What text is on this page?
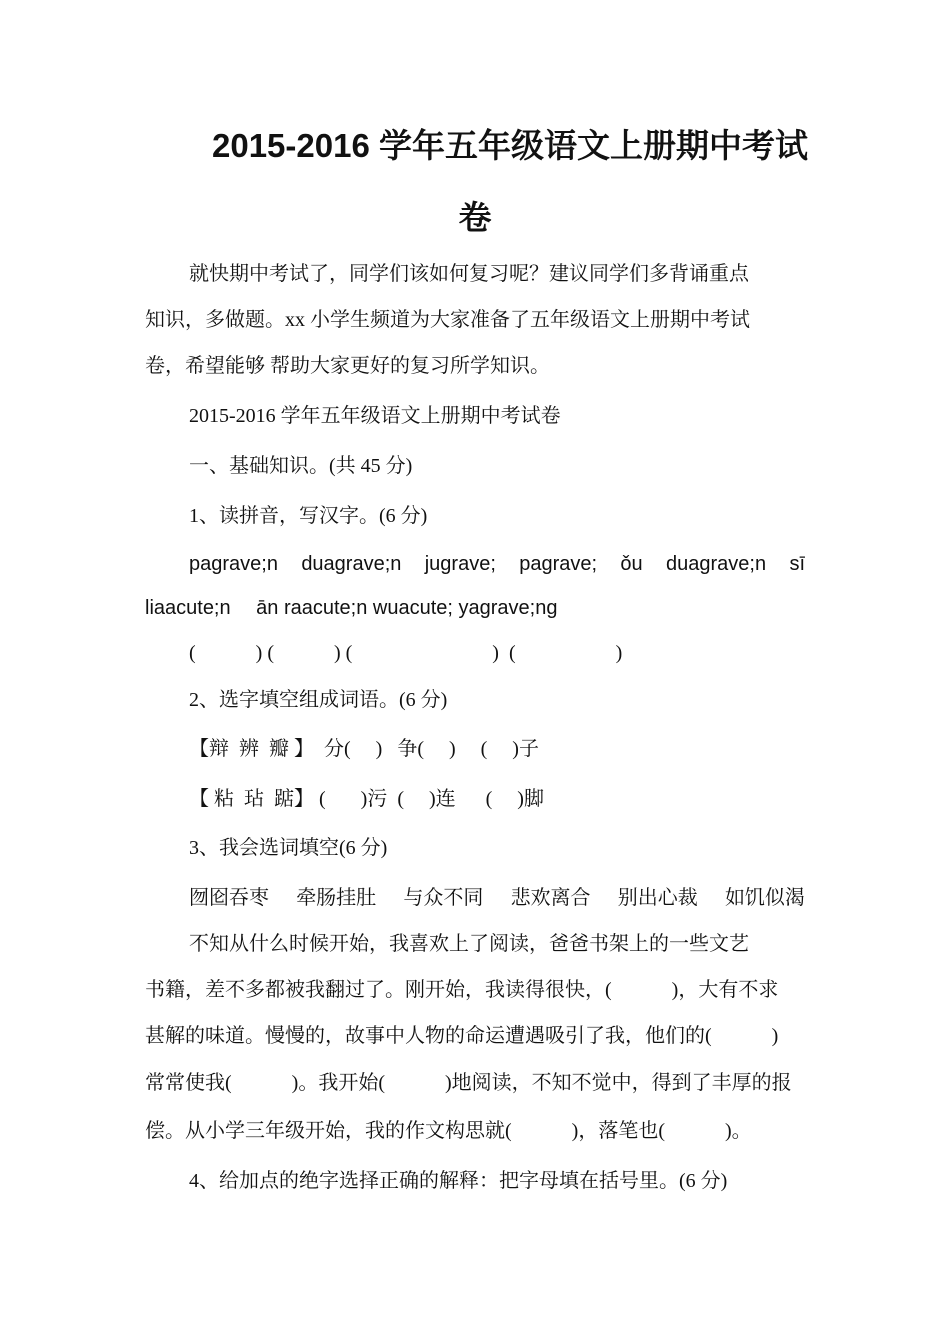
2015-2016 学年五年级语文上册期中考试
卷
就快期中考试了，同学们该如何复习呢？建议同学们多背诵重点
知识，多做题。xx 小学生频道为大家准备了五年级语文上册期中考试
卷，希望能够 帮助大家更好的复习所学知识。
2015-2016 学年五年级语文上册期中考试卷
一、基础知识。(共 45 分)
1、读拼音，写汉字。(6 分)
pagrave;n duagrave;n jugrave; pagrave; ǒu duagrave;n sī
liaacute;n　 ān raacute;n wuacute; yagrave;ng
(　　　) (　　　) (　　　　　　　)  (　　　　　)
2、选字填空组成词语。(6 分)
【辩  辨  瓣 】  分(     )   争(     )     (     )子
【 粘  玷  踮】 (       )污  (     )连      (     )脚
3、我会选词填空(6 分)
囫囵吞枣 牵肠挂肚 与众不同 悲欢离合 别出心裁 如饥似渴
不知从什么时候开始，我喜欢上了阅读，爸爸书架上的一些文艺
书籍，差不多都被我翻过了。刚开始，我读得很快，(　　　)，大有不求
甚解的味道。慢慢的，故事中人物的命运遭遇吸引了我，他们的(　　　)
常常使我(　　　)。我开始(　　　)地阅读，不知不觉中，得到了丰厚的报
偿。从小学三年级开始，我的作文构思就(　　　)，落笔也(　　　)。
4、给加点的绝字选择正确的解释：把字母填在括号里。(6 分)
